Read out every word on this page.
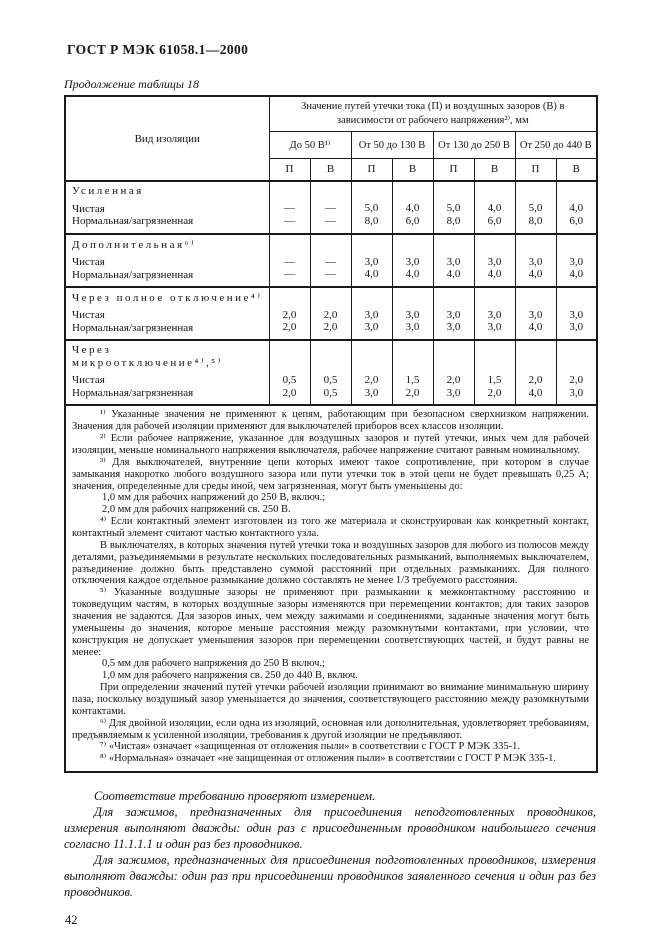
ГОСТ Р МЭК 61058.1—2000
Продолжение таблицы 18
Вид изоляции	Значение путей утечки тока (П) и воздушных зазоров (В) в зависимости от рабочего напряжения²⁾, мм							
	До 50 В¹⁾		От 50 до 130 В		От 130 до 250 В		От 250 до 440 В	
	П	В	П	В	П	В	П	В
Усиленная								
Чистая	—	—	5,0	4,0	5,0	4,0	5,0	4,0
Нормальная/загрязненная	—	—	8,0	6,0	8,0	6,0	8,0	6,0
Дополнительная⁶⁾								
Чистая	—	—	3,0	3,0	3,0	3,0	3,0	3,0
Нормальная/загрязненная	—	—	4,0	4,0	4,0	4,0	4,0	4,0
Через полное отключение⁴⁾								
Чистая	2,0	2,0	3,0	3,0	3,0	3,0	3,0	3,0
Нормальная/загрязненная	2,0	2,0	3,0	3,0	3,0	3,0	4,0	3,0
Через микроотключение⁴⁾,⁵⁾								
Чистая	0,5	0,5	2,0	1,5	2,0	1,5	2,0	2,0
Нормальная/загрязненная	2,0	0,5	3,0	2,0	3,0	2,0	4,0	3,0

¹⁾ Указанные значения не применяют к цепям, работающим при безопасном сверхнизком напряжении. Значения для рабочей изоляции применяют для выключателей приборов всех классов изоляции.

²⁾ Если рабочее напряжение, указанное для воздушных зазоров и путей утечки, иных чем для рабочей изоляции, меньше номинального напряжения выключателя, рабочее напряжение считают равным номинальному.

³⁾ Для выключателей, внутренние цепи которых имеют такое сопротивление, при котором в случае замыкания накоротко любого воздушного зазора или пути утечки ток в этой цепи не будет превышать 0,25 А; значения, определенные для среды иной, чем загрязненная, могут быть уменьшены до:

1,0 мм для рабочих напряжений до 250 В, включ.;

2,0 мм для рабочих напряжений св. 250 В.

⁴⁾ Если контактный элемент изготовлен из того же материала и сконструирован как конкретный контакт, контактный элемент считают частью контактного узла.

В выключателях, в которых значения путей утечки тока и воздушных зазоров для любого из полюсов между деталями, разъединяемыми в результате нескольких последовательных размыканий, выполняемых выключателем, разъединение должно быть представлено суммой расстояний при отдельных размыканиях. Для полного отключения каждое отдельное размыкание должно составлять не менее 1/3 требуемого расстояния.

⁵⁾ Указанные воздушные зазоры не применяют при размыкании к межконтактному расстоянию и токоведущим частям, в которых воздушные зазоры изменяются при перемещении контактов; для таких зазоров значения не задаются. Для зазоров иных, чем между зажимами и соединениями, заданные значения могут быть уменьшены до значения, которое меньше расстояния между разомкнутыми контактами, при условии, что конструкция не допускает уменьшения зазоров при перемещении соответствующих частей, и будут равны не менее:

0,5 мм для рабочего напряжения до 250 В включ.;

1,0 мм для рабочего напряжения св. 250 до 440 В, включ.

При определении значений путей утечки рабочей изоляции принимают во внимание минимальную ширину паза, поскольку воздушный зазор уменьшается до значения, соответствующего расстоянию между разомкнутыми контактами.

⁶⁾ Для двойной изоляции, если одна из изоляций, основная или дополнительная, удовлетворяет требованиям, предъявляемым к усиленной изоляции, требования к другой изоляции не предъявляют.

⁷⁾ «Чистая» означает «защищенная от отложения пыли» в соответствии с ГОСТ Р МЭК 335-1.

⁸⁾ «Нормальная» означает «не защищенная от отложения пыли» в соответствии с ГОСТ Р МЭК 335-1.

Соответствие требованию проверяют измерением.

Для зажимов, предназначенных для присоединения неподготовленных проводников, измерения выполняют дважды: один раз с присоединенным проводником наибольшего сечения согласно 11.1.1.1 и один раз без проводников.

Для зажимов, предназначенных для присоединения подготовленных проводников, измерения выполняют дважды: один раз при присоединении проводников заявленного сечения и один раз без проводников.

42
